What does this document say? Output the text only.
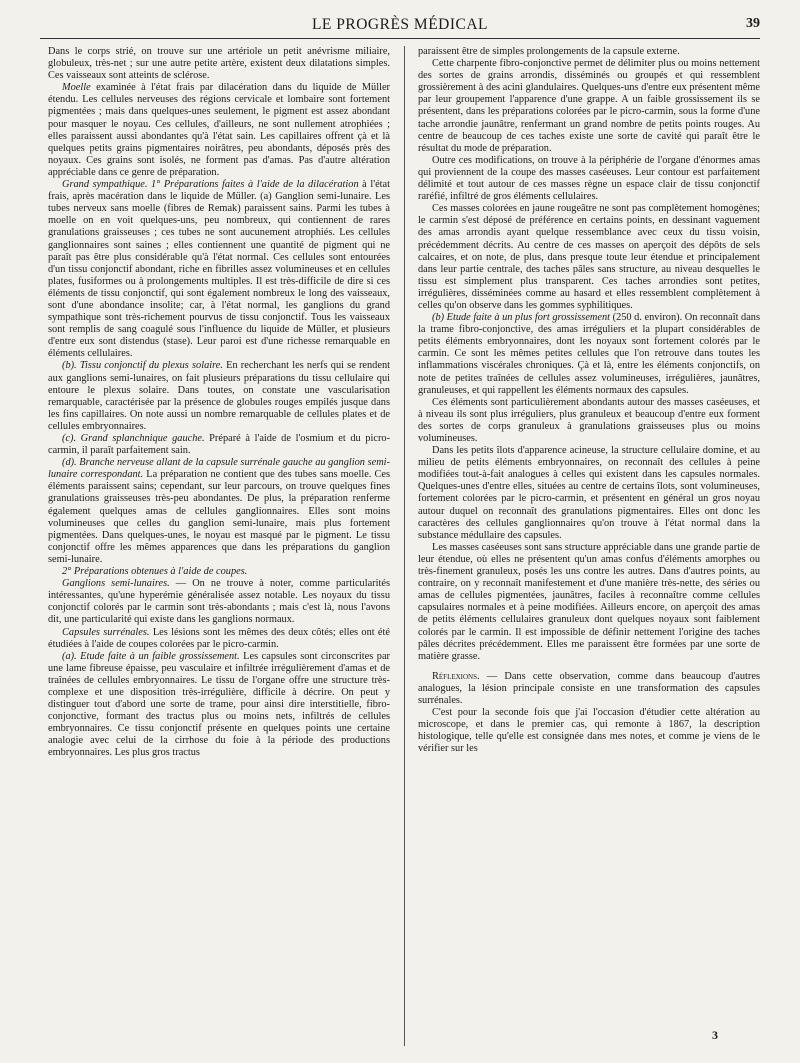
LE PROGRÈS MÉDICAL	39

Dans le corps strié, on trouve sur une artériole un petit anévrisme miliaire, globuleux, très-net ; sur une autre petite artère, existent deux dilatations simples. Ces vaisseaux sont atteints de sclérose.

Moelle examinée à l'état frais par dilacération dans du liquide de Müller étendu. Les cellules nerveuses des régions cervicale et lombaire sont fortement pigmentées ; mais dans quelques-unes seulement, le pigment est assez abondant pour masquer le noyau. Ces cellules, d'ailleurs, ne sont nullement atrophiées ; elles paraissent aussi abondantes qu'à l'état sain. Les capillaires offrent çà et là quelques petits grains pigmentaires noirâtres, peu abondants, déposés près des noyaux. Ces grains sont isolés, ne forment pas d'amas. Pas d'autre altération appréciable dans ce genre de préparation.

Grand sympathique. 1° Préparations faites à l'aide de la dilacération à l'état frais, après macération dans le liquide de Müller. (a) Ganglion semi-lunaire. Les tubes nerveux sans moelle (fibres de Remak) paraissent sains. Parmi les tubes à moelle on en voit quelques-uns, peu nombreux, qui contiennent de rares granulations graisseuses ; ces tubes ne sont aucunement atrophiés. Les cellules ganglionnaires sont saines ; elles contiennent une quantité de pigment qui ne paraît pas être plus considérable qu'à l'état normal. Ces cellules sont entourées d'un tissu conjonctif abondant, riche en fibrilles assez volumineuses et en cellules plates, fusiformes ou à prolongements multiples. Il est très-difficile de dire si ces éléments de tissu conjonctif, qui sont également nombreux le long des vaisseaux, sont d'une abondance insolite; car, à l'état normal, les ganglions du grand sympathique sont très-richement pourvus de tissu conjonctif. Tous les vaisseaux sont remplis de sang coagulé sous l'influence du liquide de Müller, et plusieurs d'entre eux sont distendus (stase). Leur paroi est d'une richesse remarquable en éléments cellulaires.

(b). Tissu conjonctif du plexus solaire. En recherchant les nerfs qui se rendent aux ganglions semi-lunaires, on fait plusieurs préparations du tissu cellulaire qui entoure le plexus solaire. Dans toutes, on constate une vascularisation remarquable, caractérisée par la présence de globules rouges empilés jusque dans les fins capillaires. On note aussi un nombre remarquable de cellules plates et de cellules embryonnaires.

(c). Grand splanchnique gauche. Préparé à l'aide de l'osmium et du picro-carmin, il paraît parfaitement sain.

(d). Branche nerveuse allant de la capsule surrénale gauche au ganglion semi-lunaire correspondant. La préparation ne contient que des tubes sans moelle. Ces éléments paraissent sains; cependant, sur leur parcours, on trouve quelques fines granulations graisseuses très-peu abondantes. De plus, la préparation renferme également quelques amas de cellules ganglionnaires. Elles sont moins volumineuses que celles du ganglion semi-lunaire, mais plus fortement pigmentées. Dans quelques-unes, le noyau est masqué par le pigment. Le tissu conjonctif offre les mêmes apparences que dans les préparations du ganglion semi-lunaire.

2° Préparations obtenues à l'aide de coupes.

Ganglions semi-lunaires. — On ne trouve à noter, comme particularités intéressantes, qu'une hyperémie généralisée assez notable. Les noyaux du tissu conjonctif colorés par le carmin sont très-abondants ; mais c'est là, nous l'avons dit, une particularité qui existe dans les ganglions normaux.

Capsules surrénales. Les lésions sont les mêmes des deux côtés; elles ont été étudiées à l'aide de coupes colorées par le picro-carmin.

(a). Etude faite à un faible grossissement. Les capsules sont circonscrites par une lame fibreuse épaisse, peu vasculaire et infiltrée irrégulièrement d'amas et de traînées de cellules embryonnaires. Le tissu de l'organe offre une structure très-complexe et une disposition très-irrégulière, difficile à décrire. On peut y distinguer tout d'abord une sorte de trame, pour ainsi dire interstitielle, fibro-conjonctive, formant des tractus plus ou moins nets, infiltrés de cellules embryonnaires. Ce tissu conjonctif présente en quelques points une certaine analogie avec celui de la cirrhose du foie à la période des productions embryonnaires. Les plus gros tractus

paraissent être de simples prolongements de la capsule externe.

Cette charpente fibro-conjonctive permet de délimiter plus ou moins nettement des sortes de grains arrondis, disséminés ou groupés et qui ressemblent grossièrement à des acini glandulaires. Quelques-uns d'entre eux présentent même par leur groupement l'apparence d'une grappe. A un faible grossissement ils se présentent, dans les préparations colorées par le picro-carmin, sous la forme d'une tache arrondie jaunâtre, renfermant un grand nombre de petits points rouges. Au centre de beaucoup de ces taches existe une sorte de cavité qui paraît être le résultat du mode de préparation.

Outre ces modifications, on trouve à la périphérie de l'organe d'énormes amas qui proviennent de la coupe des masses caséeuses. Leur contour est parfaitement délimité et tout autour de ces masses règne un espace clair de tissu conjonctif raréfié, infiltré de gros éléments cellulaires.

Ces masses colorées en jaune rougeâtre ne sont pas complètement homogènes; le carmin s'est déposé de préférence en certains points, en dessinant vaguement des amas arrondis ayant quelque ressemblance avec ceux du tissu voisin, précédemment décrits. Au centre de ces masses on aperçoit des dépôts de sels calcaires, et on note, de plus, dans presque toute leur étendue et principalement dans leur partie centrale, des taches pâles sans structure, au niveau desquelles le tissu est simplement plus transparent. Ces taches arrondies sont petites, irrégulières, disséminées comme au hasard et elles ressemblent complètement à celles qu'on observe dans les gommes syphilitiques.

(b) Etude faite à un plus fort grossissement (250 d. environ). On reconnaît dans la trame fibro-conjonctive, des amas irréguliers et la plupart considérables de petits éléments embryonnaires, dont les noyaux sont fortement colorés par le carmin. Ce sont les mêmes petites cellules que l'on retrouve dans toutes les inflammations viscérales chroniques. Çà et là, entre les éléments conjonctifs, on note de petites traînées de cellules assez volumineuses, irrégulières, jaunâtres, granuleuses, et qui rappellent les éléments normaux des capsules.

Ces éléments sont particulièrement abondants autour des masses caséeuses, et à niveau ils sont plus irréguliers, plus granuleux et beaucoup d'entre eux forment des sortes de corps granuleux à granulations graisseuses plus ou moins volumineuses.

Dans les petits îlots d'apparence acineuse, la structure cellulaire domine, et au milieu de petits éléments embryonnaires, on reconnaît des cellules à peine modifiées tout-à-fait analogues à celles qui existent dans les capsules normales. Quelques-unes d'entre elles, situées au centre de certains îlots, sont volumineuses, fortement colorées par le picro-carmin, et présentent en général un gros noyau autour duquel on reconnaît des granulations pigmentaires. Elles ont donc les caractères des cellules ganglionnaires qu'on trouve à l'état normal dans la substance médullaire des capsules.

Les masses caséeuses sont sans structure appréciable dans une grande partie de leur étendue, où elles ne présentent qu'un amas confus d'éléments amorphes ou très-finement granuleux, posés les uns contre les autres. Dans d'autres points, au contraire, on y reconnaît manifestement et d'une manière très-nette, des séries ou amas de cellules pigmentées, jaunâtres, faciles à reconnaître comme cellules capsulaires normales et à peine modifiées. Ailleurs encore, on aperçoit des amas de petits éléments cellulaires granuleux dont quelques noyaux sont faiblement colorés par le carmin. Il est impossible de définir nettement l'origine des taches pâles décrites précédemment. Elles me paraissent être formées par une sorte de matière grasse.

Réflexions. — Dans cette observation, comme dans beaucoup d'autres analogues, la lésion principale consiste en une transformation des capsules surrénales.

C'est pour la seconde fois que j'ai l'occasion d'étudier cette altération au microscope, et dans le premier cas, qui remonte à 1867, la description histologique, telle qu'elle est consignée dans mes notes, et comme je viens de le vérifier sur les

3
